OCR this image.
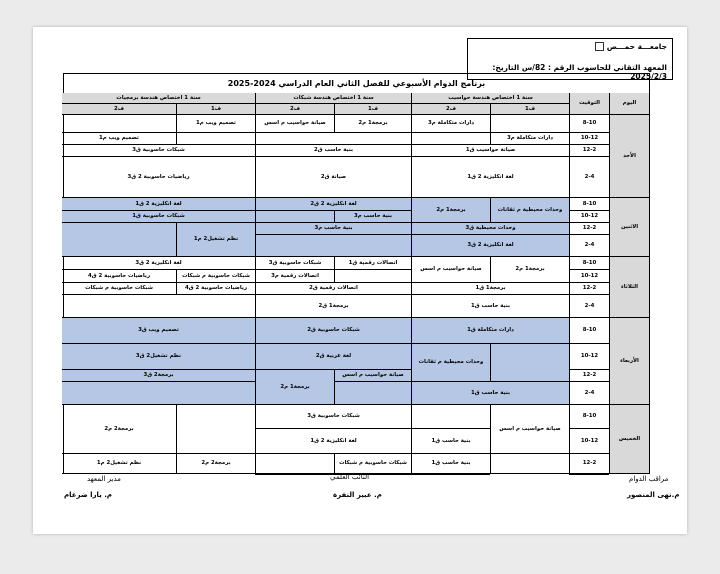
جامعـــة حمـــص
المعهد التقاني للحاسوب الرقم : 82/س التاريخ: 2025/2/3
برنامج الدوام الأسبوعي للفصل الثاني العام الدراسي 2024-2025
اليوم
التوقيت
سنة 1 اختصاص هندسة حواسيب
سنة 1 اختصاص هندسة شبكات
سنة 1 اختصاص هندسة برمجيات
ف1
ف1
ف1	ف2
ف2
ف2
الأحد
8-10
10-12
12-2
2-4
الاثنين
8-10
10-12
12-2
2-4
الثلاثاء
8-10
10-12
12-2
2-4
الأربعاء
8-10
10-12
12-2
2-4
الخميس
8-10
10-12
12-2
دارات متكاملة م3
برمجة1 م2
صيانة حواسيب م اسس
تصميم ويب م1
دارات متكاملة م3
تصميم ويب م1
صيانة حواسيب ق1
بنية حاسب ق2
شبكات حاسوبية ق3
لغة انكليزية 2 ق1
صيانة ق2
رياضيات حاسوبية 2 ق3
وحدات محيطية م ثقانات
برمجة1 م2
لغة انكليزية 2 ق2
بنية حاسب م3
لغة انكليزية 2 ق1
شبكات حاسوبية ق1
وحدات محيطية ق3
بنية حاسب م3
نظم تشغيل2 م1
لغة انكليزية 2 ق3
برمجة1 م2
صيانة حواسيب م اسس
اتصالات رقمية ق1
شبكات حاسوبية ق3
اتصالات رقمية م3
لغة انكليزية 2 ق3
شبكات حاسوبية م شبكات
رياضيات حاسوبية 2 ق4
برمجة1 ق1
اتصالات رقمية ق2
رياضيات حاسوبية 2 ق4
شبكات حاسوبية م شبكات
بنية حاسب ق1
برمجة1 ق2
دارات متكاملة ق1
شبكات حاسوبية ق2
تصميم ويب ق3
وحدات محيطية م ثقانات
لغة عربية ق2
نظم تشغيل2 ق3
صيانة حواسيب م اسس
برمجة1 م2
برمجة2 ق3
بنية حاسب ق1
صيانة حواسيب م اسس
بنية حاسب ق1
شبكات حاسوبية ق3
لغة انكليزية 2 ق1
برمجة2 م2
بنية حاسب ق1
شبكات حاسوبية م شبكات
برمجة2 م2
نظم تشغيل2 م1
مراقب الدوام
م.نهى المنصور
النائب العلمي
م. عبير النفرة
مدير المعهد
م. يارا ضرغام
